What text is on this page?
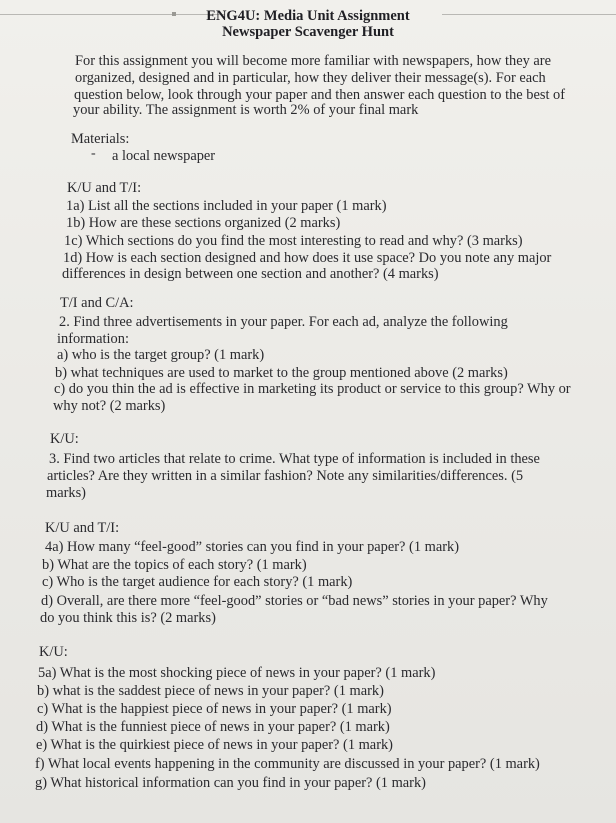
ENG4U: Media Unit Assignment
Newspaper Scavenger Hunt
For this assignment you will become more familiar with newspapers, how they are
organized, designed and in particular, how they deliver their message(s). For each
question below, look through your paper and then answer each question to the best of
your ability. The assignment is worth 2% of your final mark
Materials:
- a local newspaper
K/U and T/I:
1a) List all the sections included in your paper (1 mark)
1b) How are these sections organized (2 marks)
1c) Which sections do you find the most interesting to read and why? (3 marks)
1d) How is each section designed and how does it use space? Do you note any major
differences in design between one section and another? (4 marks)
T/I and C/A:
2. Find three advertisements in your paper. For each ad, analyze the following
information:
a) who is the target group? (1 mark)
b) what techniques are used to market to the group mentioned above (2 marks)
c) do you thin the ad is effective in marketing its product or service to this group? Why or
why not? (2 marks)
K/U:
3. Find two articles that relate to crime. What type of information is included in these
articles? Are they written in a similar fashion? Note any similarities/differences. (5
marks)
K/U and T/I:
4a) How many “feel-good” stories can you find in your paper? (1 mark)
b) What are the topics of each story? (1 mark)
c) Who is the target audience for each story? (1 mark)
d) Overall, are there more “feel-good” stories or “bad news” stories in your paper? Why
do you think this is? (2 marks)
K/U:
5a) What is the most shocking piece of news in your paper? (1 mark)
b) what is the saddest piece of news in your paper? (1 mark)
c) What is the happiest piece of news in your paper? (1 mark)
d) What is the funniest piece of news in your paper? (1 mark)
e) What is the quirkiest piece of news in your paper? (1 mark)
f) What local events happening in the community are discussed in your paper? (1 mark)
g) What historical information can you find in your paper? (1 mark)
